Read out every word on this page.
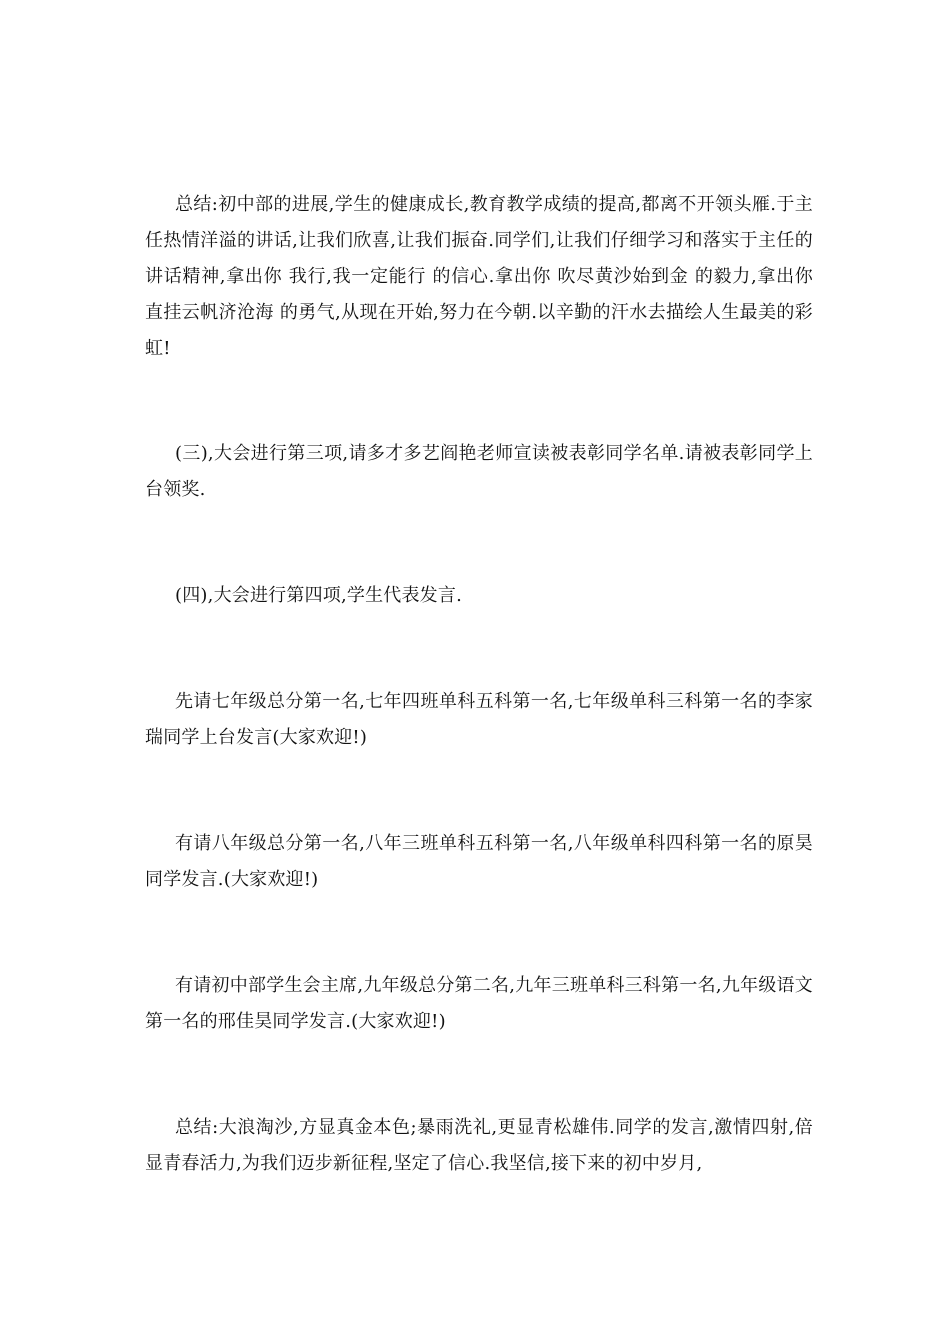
总结:初中部的进展,学生的健康成长,教育教学成绩的提高,都离不开领头雁.于主任热情洋溢的讲话,让我们欣喜,让我们振奋.同学们,让我们仔细学习和落实于主任的讲话精神,拿出你 我行,我一定能行 的信心.拿出你 吹尽黄沙始到金 的毅力,拿出你 直挂云帆济沧海 的勇气,从现在开始,努力在今朝.以辛勤的汗水去描绘人生最美的彩虹!

(三),大会进行第三项,请多才多艺阎艳老师宣读被表彰同学名单.请被表彰同学上台领奖.

(四),大会进行第四项,学生代表发言.

先请七年级总分第一名,七年四班单科五科第一名,七年级单科三科第一名的李家瑞同学上台发言(大家欢迎!)

有请八年级总分第一名,八年三班单科五科第一名,八年级单科四科第一名的原昊同学发言.(大家欢迎!)

有请初中部学生会主席,九年级总分第二名,九年三班单科三科第一名,九年级语文第一名的邢佳昊同学发言.(大家欢迎!)

总结:大浪淘沙,方显真金本色;暴雨洗礼,更显青松雄伟.同学的发言,激情四射,倍显青春活力,为我们迈步新征程,坚定了信心.我坚信,接下来的初中岁月,
